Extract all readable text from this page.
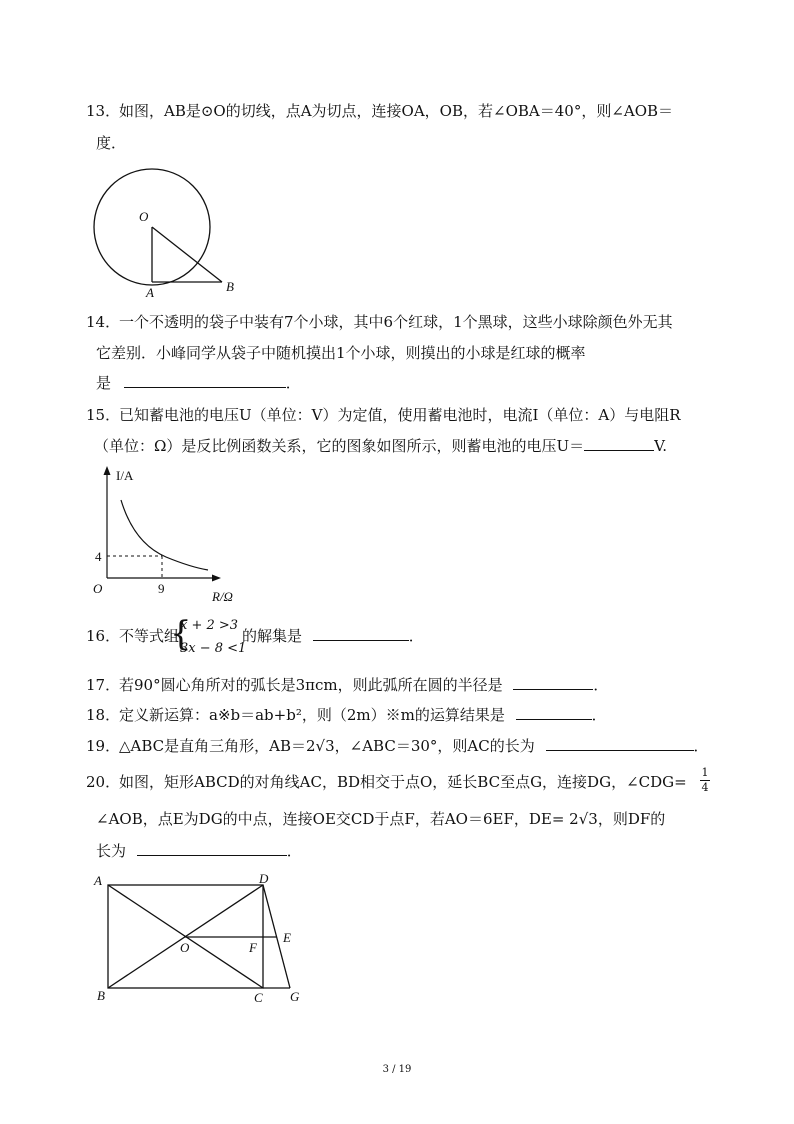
13．
如图，AB是⊙O的切线，点A为切点，连接OA，OB，若∠OBA＝40°，则∠AOB＝
度．
O
A	B
14．
一个不透明的袋子中装有7个小球，其中6个红球，1个黑球，这些小球除颜色外无其
它差别．小峰同学从袋子中随机摸出1个小球，则摸出的小球是红球的概率
是	．
15．
已知蓄电池的电压U（单位：V）为定值，使用蓄电池时，电流I（单位：A）与电阻R
（单位：Ω）是反比例函数关系，它的图象如图所示，则蓄电池的电压U＝	V.
I/A
R/Ω
O
4
9
16．
不等式组
{
x + 2 >3
3x − 8 <1
的解集是	．
17．
若90°圆心角所对的弧长是3πcm，则此弧所在圆的半径是	．
18．
定义新运算：a※b＝ab+b²，则（2m）※m的运算结果是	．
19．
△ABC是直角三角形，AB＝2√3，∠ABC＝30°，则AC的长为	．
20．
如图，矩形ABCD的对角线AC，BD相交于点O，延长BC至点G，连接DG，∠CDG=
1
4
∠AOB，点E为DG的中点，连接OE交CD于点F，若AO＝6EF，DE= 2√3，则DF的
长为	．
A	D
B	C G
O	F
E
3 / 19
